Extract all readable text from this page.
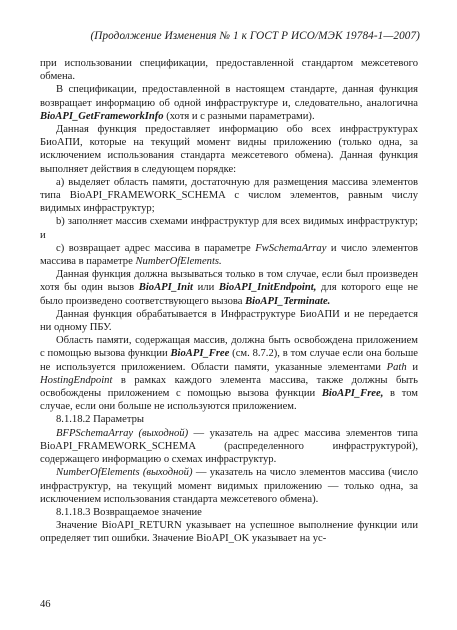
(Продолжение Изменения № 1 к ГОСТ Р ИСО/МЭК 19784-1—2007)

при использовании спецификации, предоставленной стандартом межсетевого обмена.

В спецификации, предоставленной в настоящем стандарте, данная функция возвращает информацию об одной инфраструктуре и, следовательно, аналогична BioAPI_GetFrameworkInfo (хотя и с разными параметрами).

Данная функция предоставляет информацию обо всех инфраструктурах БиоАПИ, которые на текущий момент видны приложению (только одна, за исключением использования стандарта межсетевого обмена). Данная функция выполняет действия в следующем порядке:

a) выделяет область памяти, достаточную для размещения массива элементов типа BioAPI_FRAMEWORK_SCHEMA с числом элементов, равным числу видимых инфраструктур;

b) заполняет массив схемами инфраструктур для всех видимых инфраструктур; и

c) возвращает адрес массива в параметре FwSchemaArray и число элементов массива в параметре NumberOfElements.

Данная функция должна вызываться только в том случае, если был произведен хотя бы один вызов BioAPI_Init или BioAPI_InitEndpoint, для которого еще не было произведено соответствующего вызова BioAPI_Terminate.

Данная функция обрабатывается в Инфраструктуре БиоАПИ и не передается ни одному ПБУ.

Область памяти, содержащая массив, должна быть освобождена приложением с помощью вызова функции BioAPI_Free (см. 8.7.2), в том случае если она больше не используется приложением. Области памяти, указанные элементами Path и HostingEndpoint в рамках каждого элемента массива, также должны быть освобождены приложением с помощью вызова функции BioAPI_Free, в том случае, если они больше не используются приложением.

8.1.18.2 Параметры

BFPSchemaArray (выходной) — указатель на адрес массива элементов типа BioAPI_FRAMEWORK_SCHEMA (распределенного инфраструктурой), содержащего информацию о схемах инфраструктур.

NumberOfElements (выходной) — указатель на число элементов массива (число инфраструктур, на текущий момент видимых приложению — только одна, за исключением использования стандарта межсетевого обмена).

8.1.18.3 Возвращаемое значение

Значение BioAPI_RETURN указывает на успешное выполнение функции или определяет тип ошибки. Значение BioAPI_OK указывает на ус-

46
